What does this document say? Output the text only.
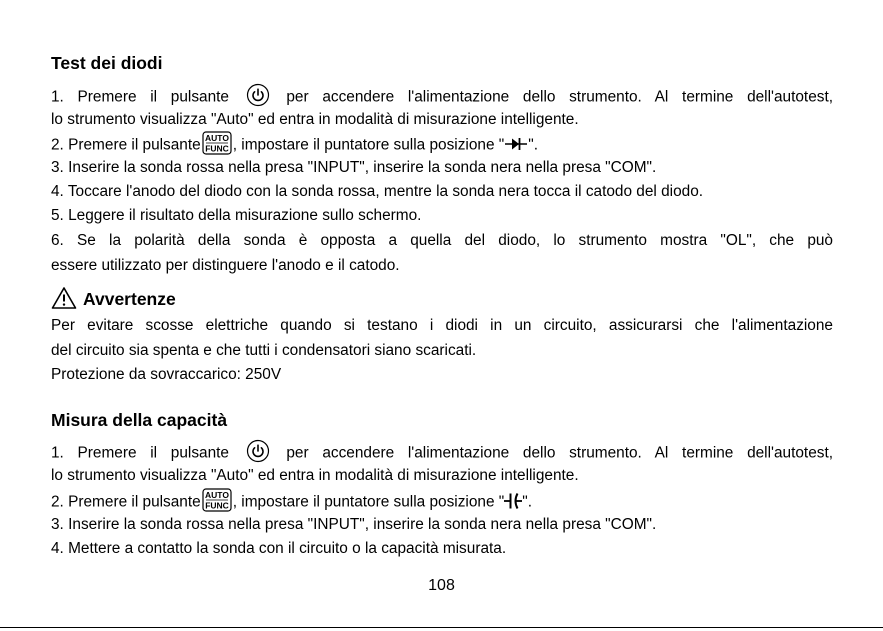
Test dei diodi
1. Premere il pulsante	per accendere l'alimentazione dello strumento. Al termine dell'autotest,
lo strumento visualizza "Auto" ed entra in modalità di misurazione intelligente.
2. Premere il pulsante AUTO
FUNC , impostare il puntatore sulla posizione " ".
3. Inserire la sonda rossa nella presa "INPUT", inserire la sonda nera nella presa "COM".
4. Toccare l'anodo del diodo con la sonda rossa, mentre la sonda nera tocca il catodo del diodo.
5. Leggere il risultato della misurazione sullo schermo.
6. Se la polarità della sonda è opposta a quella del diodo, lo strumento mostra "OL", che può
essere utilizzato per distinguere l'anodo e il catodo.
Avvertenze
Per evitare scosse elettriche quando si testano i diodi in un circuito, assicurarsi che l'alimentazione
del circuito sia spenta e che tutti i condensatori siano scaricati.
Protezione da sovraccarico: 250V
Misura della capacità
1. Premere il pulsante	per accendere l'alimentazione dello strumento. Al termine dell'autotest,
lo strumento visualizza "Auto" ed entra in modalità di misurazione intelligente.
2. Premere il pulsante AUTO
FUNC , impostare il puntatore sulla posizione " ".
3. Inserire la sonda rossa nella presa "INPUT", inserire la sonda nera nella presa "COM".
4. Mettere a contatto la sonda con il circuito o la capacità misurata.
108
